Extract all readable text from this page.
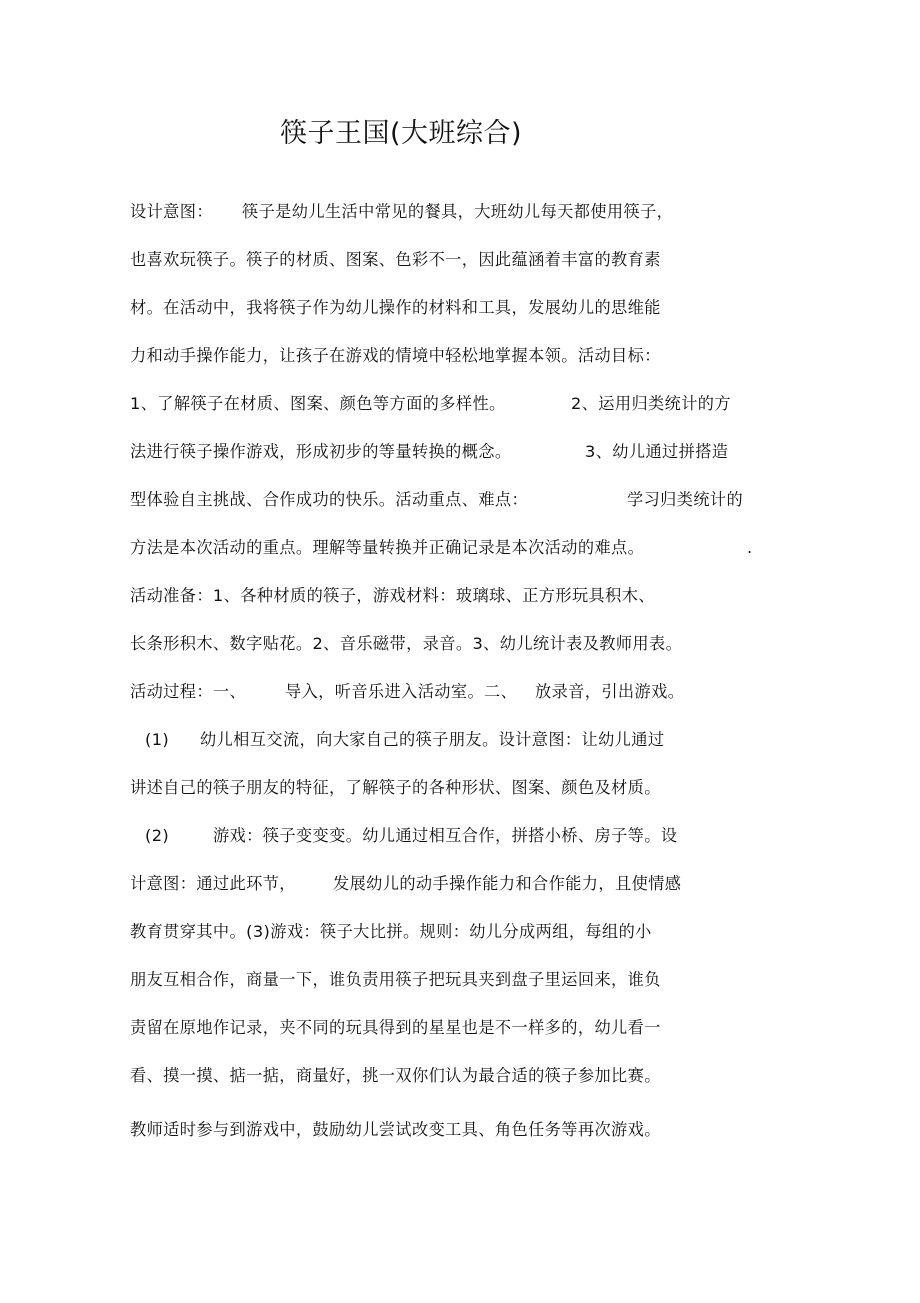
筷子王国(大班综合)
设计意图： 筷子是幼儿生活中常见的餐具，大班幼儿每天都使用筷子，
也喜欢玩筷子。筷子的材质、图案、色彩不一，因此蕴涵着丰富的教育素
材。在活动中，我将筷子作为幼儿操作的材料和工具，发展幼儿的思维能
力和动手操作能力，让孩子在游戏的情境中轻松地掌握本领。活动目标：
1、了解筷子在材质、图案、颜色等方面的多样性。	2、运用归类统计的方
法进行筷子操作游戏，形成初步的等量转换的概念。	3、幼儿通过拼搭造
型体验自主挑战、合作成功的快乐。活动重点、难点：	学习归类统计的
方法是本次活动的重点。理解等量转换并正确记录是本次活动的难点。	.
活动准备：1、各种材质的筷子，游戏材料：玻璃球、正方形玩具积木、
长条形积木、数字贴花。2、音乐磁带，录音。3、幼儿统计表及教师用表。
活动过程：一、 导入，听音乐进入活动室。二、 放录音，引出游戏。
(1) 幼儿相互交流，向大家自己的筷子朋友。设计意图：让幼儿通过
讲述自己的筷子朋友的特征，了解筷子的各种形状、图案、颜色及材质。
(2)	游戏：筷子变变变。幼儿通过相互合作，拼搭小桥、房子等。设
计意图：通过此环节， 发展幼儿的动手操作能力和合作能力，且使情感
教育贯穿其中。(3)游戏：筷子大比拼。规则：幼儿分成两组，每组的小
朋友互相合作，商量一下，谁负责用筷子把玩具夹到盘子里运回来，谁负
责留在原地作记录，夹不同的玩具得到的星星也是不一样多的，幼儿看一
看、摸一摸、掂一掂，商量好，挑一双你们认为最合适的筷子参加比赛。
教师适时参与到游戏中，鼓励幼儿尝试改变工具、角色任务等再次游戏。
